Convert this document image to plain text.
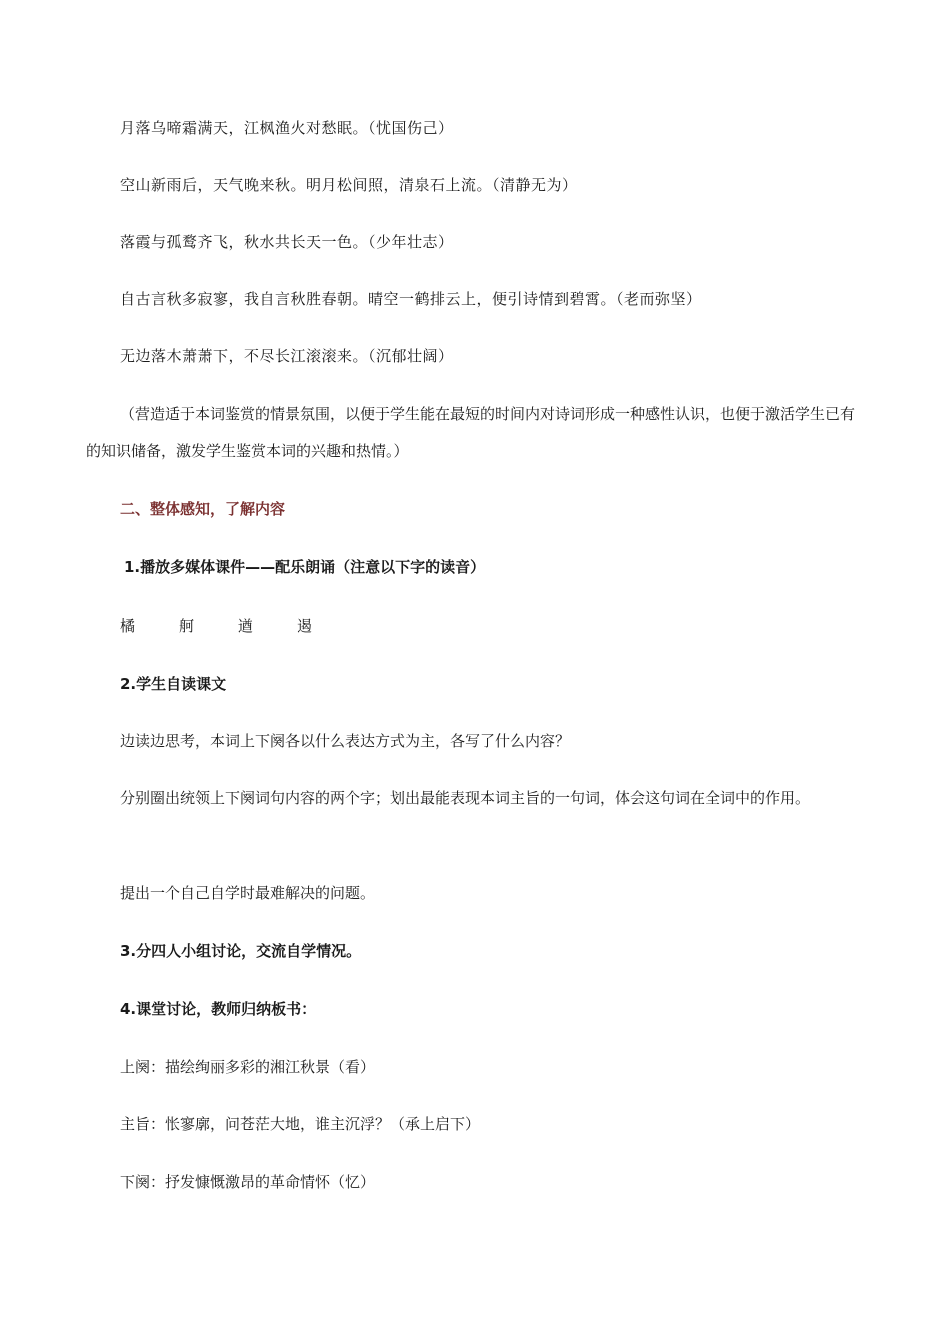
月落乌啼霜满天，江枫渔火对愁眠。（忧国伤己）
空山新雨后，天气晚来秋。明月松间照，清泉石上流。（清静无为）
落霞与孤鹜齐飞，秋水共长天一色。（少年壮志）
自古言秋多寂寥，我自言秋胜春朝。晴空一鹤排云上，便引诗情到碧霄。（老而弥坚）
无边落木萧萧下，不尽长江滚滚来。（沉郁壮阔）
（营造适于本词鉴赏的情景氛围，以便于学生能在最短的时间内对诗词形成一种感性认识，也便于激活学生已有的知识储备，激发学生鉴赏本词的兴趣和热情。）
二、整体感知，了解内容
1.播放多媒体课件——配乐朗诵（注意以下字的读音）
橘	舸	遒	遏
2.学生自读课文
边读边思考，本词上下阕各以什么表达方式为主，各写了什么内容？
分别圈出统领上下阕词句内容的两个字；划出最能表现本词主旨的一句词，体会这句词在全词中的作用。
提出一个自己自学时最难解决的问题。
3.分四人小组讨论，交流自学情况。
4.课堂讨论，教师归纳板书：
上阕：描绘绚丽多彩的湘江秋景（看）
主旨：怅寥廓，问苍茫大地，谁主沉浮？（承上启下）
下阕：抒发慷慨激昂的革命情怀（忆）
